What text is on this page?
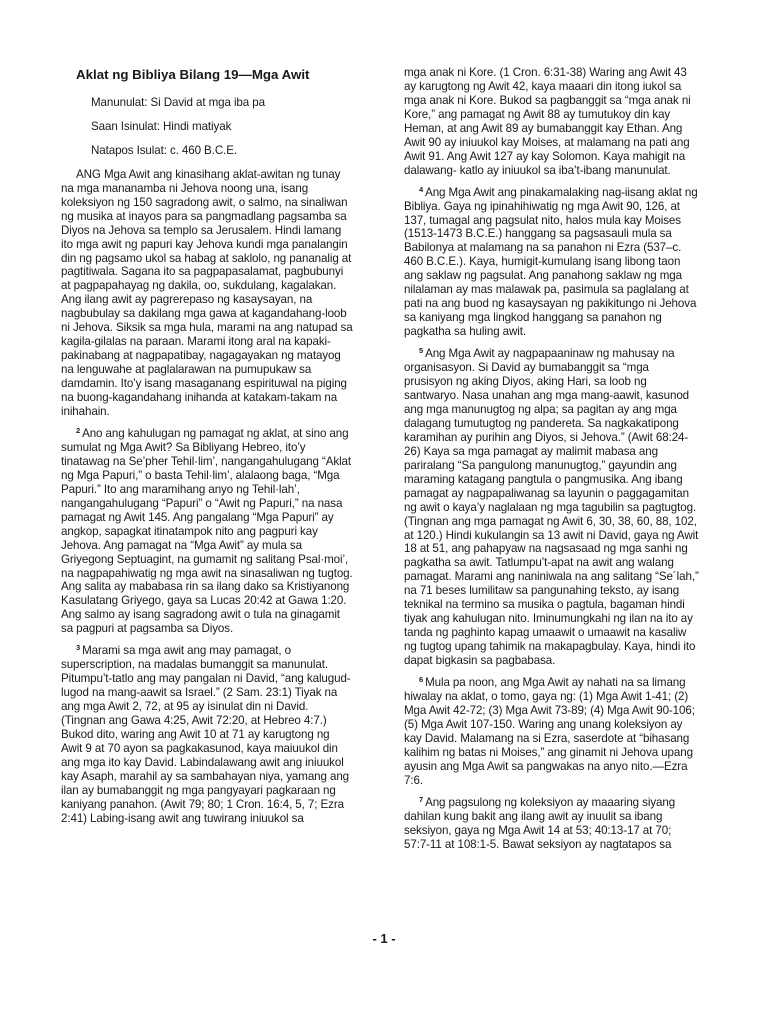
Aklat ng Bibliya Bilang 19—Mga Awit
Manunulat: Si David at mga iba pa
Saan Isinulat: Hindi matiyak
Natapos Isulat: c. 460 B.C.E.

ANG Mga Awit ang kinasihang aklat-awitan ng tunay na mga mananamba ni Jehova noong una, isang koleksiyon ng 150 sagradong awit, o salmo, na sinaliwan ng musika at inayos para sa pangmadlang pagsamba sa Diyos na Jehova sa templo sa Jerusalem. Hindi lamang ito mga awit ng papuri kay Jehova kundi mga panalangin din ng pagsamo ukol sa habag at saklolo, ng pananalig at pagtitiwala. Sagana ito sa pagpapasalamat, pagbubunyi at pagpapahayag ng dakila, oo, sukdulang, kagalakan. Ang ilang awit ay pagrerepaso ng kasaysayan, na nagbubulay sa dakilang mga gawa at kagandahang-loob ni Jehova. Siksik sa mga hula, marami na ang natupad sa kagila-gilalas na paraan. Marami itong aral na kapaki-pakinabang at nagpapatibay, nagagayakan ng matayog na lenguwahe at paglalarawan na pumupukaw sa damdamin. Ito’y isang masaganang espirituwal na piging na buong-kagandahang inihanda at katakam-takam na inihahain.

$^2$ Ano ang kahulugan ng pamagat ng aklat, at sino ang sumulat ng Mga Awit? Sa Bibliyang Hebreo, ito’y tinatawag na Se’pher Tehil·lim’, nangangahulugang “Aklat ng Mga Papuri,” o basta Tehil·lim’, alalaong baga, “Mga Papuri.” Ito ang maramihang anyo ng Tehil·lah’, nangangahulugang “Papuri” o “Awit ng Papuri,” na nasa pamagat ng Awit 145. Ang pangalang “Mga Papuri” ay angkop, sapagkat itinatampok nito ang pagpuri kay Jehova. Ang pamagat na “Mga Awit” ay mula sa Griyegong Septuagint, na gumamit ng salitang Psal·moi’, na nagpapahiwatig ng mga awit na sinasaliwan ng tugtog. Ang salita ay mababasa rin sa ilang dako sa Kristiyanong Kasulatang Griyego, gaya sa Lucas 20:42 at Gawa 1:20. Ang salmo ay isang sagradong awit o tula na ginagamit sa pagpuri at pagsamba sa Diyos.

$^3$ Marami sa mga awit ang may pamagat, o superscription, na madalas bumanggit sa manunulat. Pitumpu’t-tatlo ang may pangalan ni David, “ang kalugud-lugod na mang-aawit sa Israel.” (2 Sam. 23:1) Tiyak na ang mga Awit 2, 72, at 95 ay isinulat din ni David. (Tingnan ang Gawa 4:25, Awit 72:20, at Hebreo 4:7.) Bukod dito, waring ang Awit 10 at 71 ay karugtong ng Awit 9 at 70 ayon sa pagkakasunod, kaya maiuukol din ang mga ito kay David. Labindalawang awit ang iniuukol kay Asaph, marahil ay sa sambahayan niya, yamang ang ilan ay bumabanggit ng mga pangyayari pagkaraan ng kaniyang panahon. (Awit 79; 80; 1 Cron. 16:4, 5, 7; Ezra 2:41) Labing-isang awit ang tuwirang iniuukol sa

mga anak ni Kore. (1 Cron. 6:31-38) Waring ang Awit 43 ay karugtong ng Awit 42, kaya maaari din itong iukol sa mga anak ni Kore. Bukod sa pagbanggit sa “mga anak ni Kore,” ang pamagat ng Awit 88 ay tumutukoy din kay Heman, at ang Awit 89 ay bumabanggit kay Ethan. Ang Awit 90 ay iniuukol kay Moises, at malamang na pati ang Awit 91. Ang Awit 127 ay kay Solomon. Kaya mahigit na dalawang- katlo ay iniuukol sa iba’t-ibang manunulat.

$^4$ Ang Mga Awit ang pinakamalaking nag-iisang aklat ng Bibliya. Gaya ng ipinahihiwatig ng mga Awit 90, 126, at 137, tumagal ang pagsulat nito, halos mula kay Moises (1513-1473 B.C.E.) hanggang sa pagsasauli mula sa Babilonya at malamang na sa panahon ni Ezra (537–c. 460 B.C.E.). Kaya, humigit-kumulang isang libong taon ang saklaw ng pagsulat. Ang panahong saklaw ng mga nilalaman ay mas malawak pa, pasimula sa paglalang at pati na ang buod ng kasaysayan ng pakikitungo ni Jehova sa kaniyang mga lingkod hanggang sa panahon ng pagkatha sa huling awit.

$^5$ Ang Mga Awit ay nagpapaaninaw ng mahusay na organisasyon. Si David ay bumabanggit sa “mga prusisyon ng aking Diyos, aking Hari, sa loob ng santwaryo. Nasa unahan ang mga mang-aawit, kasunod ang mga manunugtog ng alpa; sa pagitan ay ang mga dalagang tumutugtog ng pandereta. Sa nagkakatipong karamihan ay purihin ang Diyos, si Jehova.” (Awit 68:24-26) Kaya sa mga pamagat ay malimit mabasa ang pariralang “Sa pangulong manunugtog,” gayundin ang maraming katagang pangtula o pangmusika. Ang ibang pamagat ay nagpapaliwanag sa layunin o paggagamitan ng awit o kaya’y naglalaan ng mga tagubilin sa pagtugtog. (Tingnan ang mga pamagat ng Awit 6, 30, 38, 60, 88, 102, at 120.) Hindi kukulangin sa 13 awit ni David, gaya ng Awit 18 at 51, ang pahapyaw na nagsasaad ng mga sanhi ng pagkatha sa awit. Tatlumpu’t-apat na awit ang walang pamagat. Marami ang naniniwala na ang salitang “Se´lah,” na 71 beses lumilitaw sa pangunahing teksto, ay isang teknikal na termino sa musika o pagtula, bagaman hindi tiyak ang kahulugan nito. Iminumungkahi ng ilan na ito ay tanda ng paghinto kapag umaawit o umaawit na kasaliw ng tugtog upang tahimik na makapagbulay. Kaya, hindi ito dapat bigkasin sa pagbabasa.

$^6$ Mula pa noon, ang Mga Awit ay nahati na sa limang hiwalay na aklat, o tomo, gaya ng: (1) Mga Awit 1-41; (2) Mga Awit 42-72; (3) Mga Awit 73-89; (4) Mga Awit 90-106; (5) Mga Awit 107-150. Waring ang unang koleksiyon ay kay David. Malamang na si Ezra, saserdote at “bihasang kalihim ng batas ni Moises,” ang ginamit ni Jehova upang ayusin ang Mga Awit sa pangwakas na anyo nito.—Ezra 7:6.

$^7$ Ang pagsulong ng koleksiyon ay maaaring siyang dahilan kung bakit ang ilang awit ay inuulit sa ibang seksiyon, gaya ng Mga Awit 14 at 53; 40:13-17 at 70; 57:7-11 at 108:1-5. Bawat seksiyon ay nagtatapos sa

- 1 -
